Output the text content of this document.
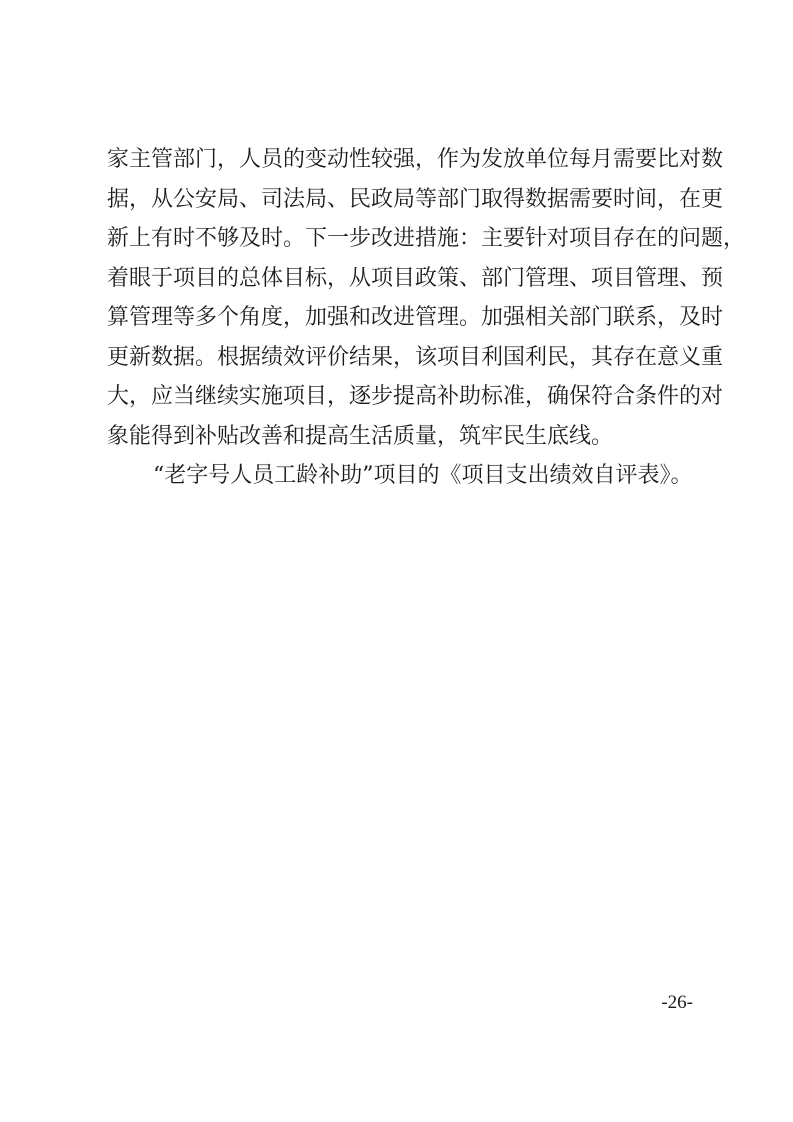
家主管部门，人员的变动性较强，作为发放单位每月需要比对数
据，从公安局、司法局、民政局等部门取得数据需要时间，在更
新上有时不够及时。下一步改进措施：主要针对项目存在的问题，
着眼于项目的总体目标，从项目政策、部门管理、项目管理、预
算管理等多个角度，加强和改进管理。加强相关部门联系，及时
更新数据。根据绩效评价结果，该项目利国利民，其存在意义重
大，应当继续实施项目，逐步提高补助标准，确保符合条件的对
象能得到补贴改善和提高生活质量，筑牢民生底线。
“老字号人员工龄补助”项目的《项目支出绩效自评表》。
-26-
